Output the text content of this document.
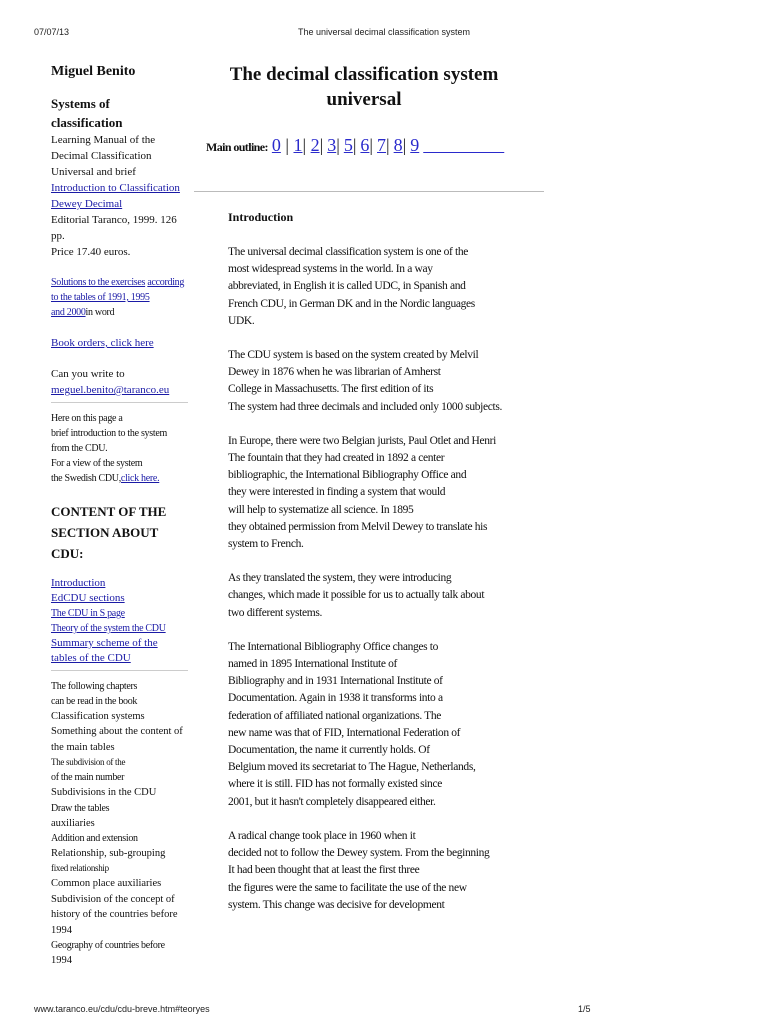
07/07/13	The universal decimal classification system
Miguel Benito
Systems of
classification
Learning Manual of the
Decimal Classification
Universal and brief
Introduction to Classification Dewey Decimal
Editorial Taranco, 1999. 126
pp.
Price 17.40 euros.
Solutions to the exercises according to the tables of 1991, 1995
and 2000in word
Book orders, click here
Can you write to
meguel.benito@taranco.eu
Here on this page a
brief introduction to the system
from the CDU.
For a view of the system
the Swedish CDU,click here.
CONTENT OF THE
SECTION ABOUT
CDU:
Introduction
EdCDU sections
The CDU in S page
Theory of the system the CDU
Summary scheme of the
tables of the CDU
The following chapters
can be read in the book
Classification systems
Something about the content of
the main tables
The subdivision of the
of the main number
Subdivisions in the CDU
Draw the tables
auxiliaries
Addition and extension
Relationship, sub-grouping
fixed relationship
Common place auxiliaries
Subdivision of the concept of
history of the countries before
1994
Geography of countries before
1994
The decimal classification system
universal
Main outline: 0 | 1| 2| 3| 5| 6| 7| 8| 9
Introduction
The universal decimal classification system is one of the
most widespread systems in the world. In a way
abbreviated, in English it is called UDC, in Spanish and
French CDU, in German DK and in the Nordic languages
UDK.
The CDU system is based on the system created by Melvil
Dewey in 1876 when he was librarian of Amherst
College in Massachusetts. The first edition of its
The system had three decimals and included only 1000 subjects.
In Europe, there were two Belgian jurists, Paul Otlet and Henri
The fountain that they had created in 1892 a center
bibliographic, the International Bibliography Office and
they were interested in finding a system that would
will help to systematize all science. In 1895
they obtained permission from Melvil Dewey to translate his
system to French.
As they translated the system, they were introducing
changes, which made it possible for us to actually talk about
two different systems.
The International Bibliography Office changes to
named in 1895 International Institute of
Bibliography and in 1931 International Institute of
Documentation. Again in 1938 it transforms into a
federation of affiliated national organizations. The
new name was that of FID, International Federation of
Documentation, the name it currently holds. Of
Belgium moved its secretariat to The Hague, Netherlands,
where it is still. FID has not formally existed since
2001, but it hasn't completely disappeared either.
A radical change took place in 1960 when it
decided not to follow the Dewey system. From the beginning
It had been thought that at least the first three
the figures were the same to facilitate the use of the new
system. This change was decisive for development
www.taranco.eu/cdu/cdu-breve.htm#teoryes	1/5
